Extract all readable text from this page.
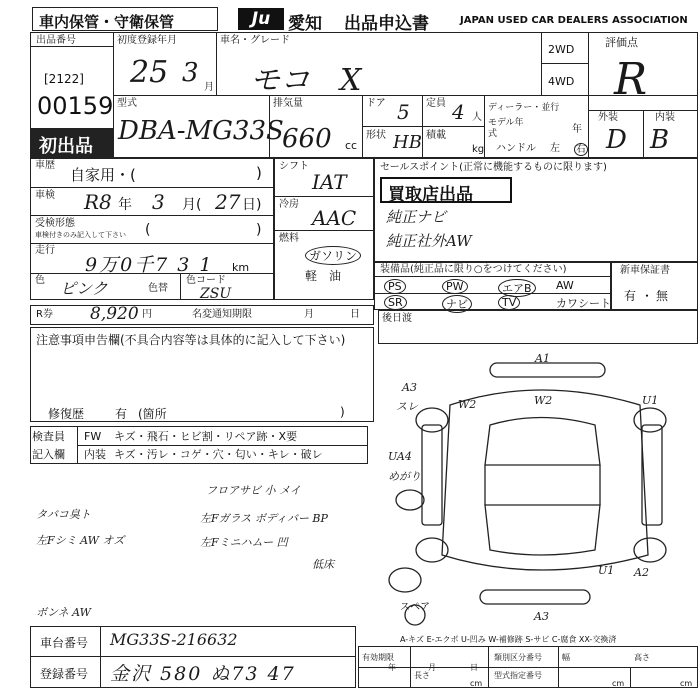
車内保管・守衛保管	Ju	愛知 出品申込書	JAPAN USED CAR DEALERS ASSOCIATION
出品番号
[2122]
00159
初出品
初度登録年月
25 3 月
車名・グレード
モコ　X
2WD
4WD
評価点
R
外装	内装
D B
型式
DBA-MG33S
排気量
660 cc
ドア 5 定員 4 人
形状 HB 積載
kg
ディーラー・並行
モデル年式	年
ハンドル 左 右
車歴
自家用・(	)
車検 R8 年 3 月( 27 日)
受検形態
車検付きのみ記入して下さい (	)
走行
9万0千7 3 1 km
色 ピンク	色替
色コード
ZSU
シフト
IAT
冷房
AAC
燃料
ガソリン
軽　油
セールスポイント(正常に機能するものに限ります)
買取店出品
純正ナビ
純正社外AW
装備品(純正品に限り○をつけてください)
PS	PW	エアB	AW
SR	ナビ	TV	カワシート
新車保証書
有 ・ 無
R券 8,920 円	名変通知期限	月	日 後日渡
注意事項申告欄(不具合内容等は具体的に記入して下さい)
修復歴	有 (箇所	)
検査員
記入欄
FW キズ・飛石・ヒビ割・リペア跡・X要
内装 キズ・汚レ・コゲ・穴・匂い・キレ・破レ
フロアサビ 小 メイ
タバコ臭ト	左Fガラス ボディバー BP
左Fシミ AW オズ	左Fミニハムー 凹
低床
ボンネ AW
A1
A3
スレ	W2	W2	U1
UA4
めがり
U1 A2
A3
スペア
A-キズ E-エクボ U-凹み W-補修跡 S-サビ C-腐食 XX-交換済
車台番号 MG33S-216632
登録番号 金沢 580 ぬ73 47
有効期限
年	月	日
類別区分番号
型式指定番号
長さ
cm
幅
cm
高さ
cm
